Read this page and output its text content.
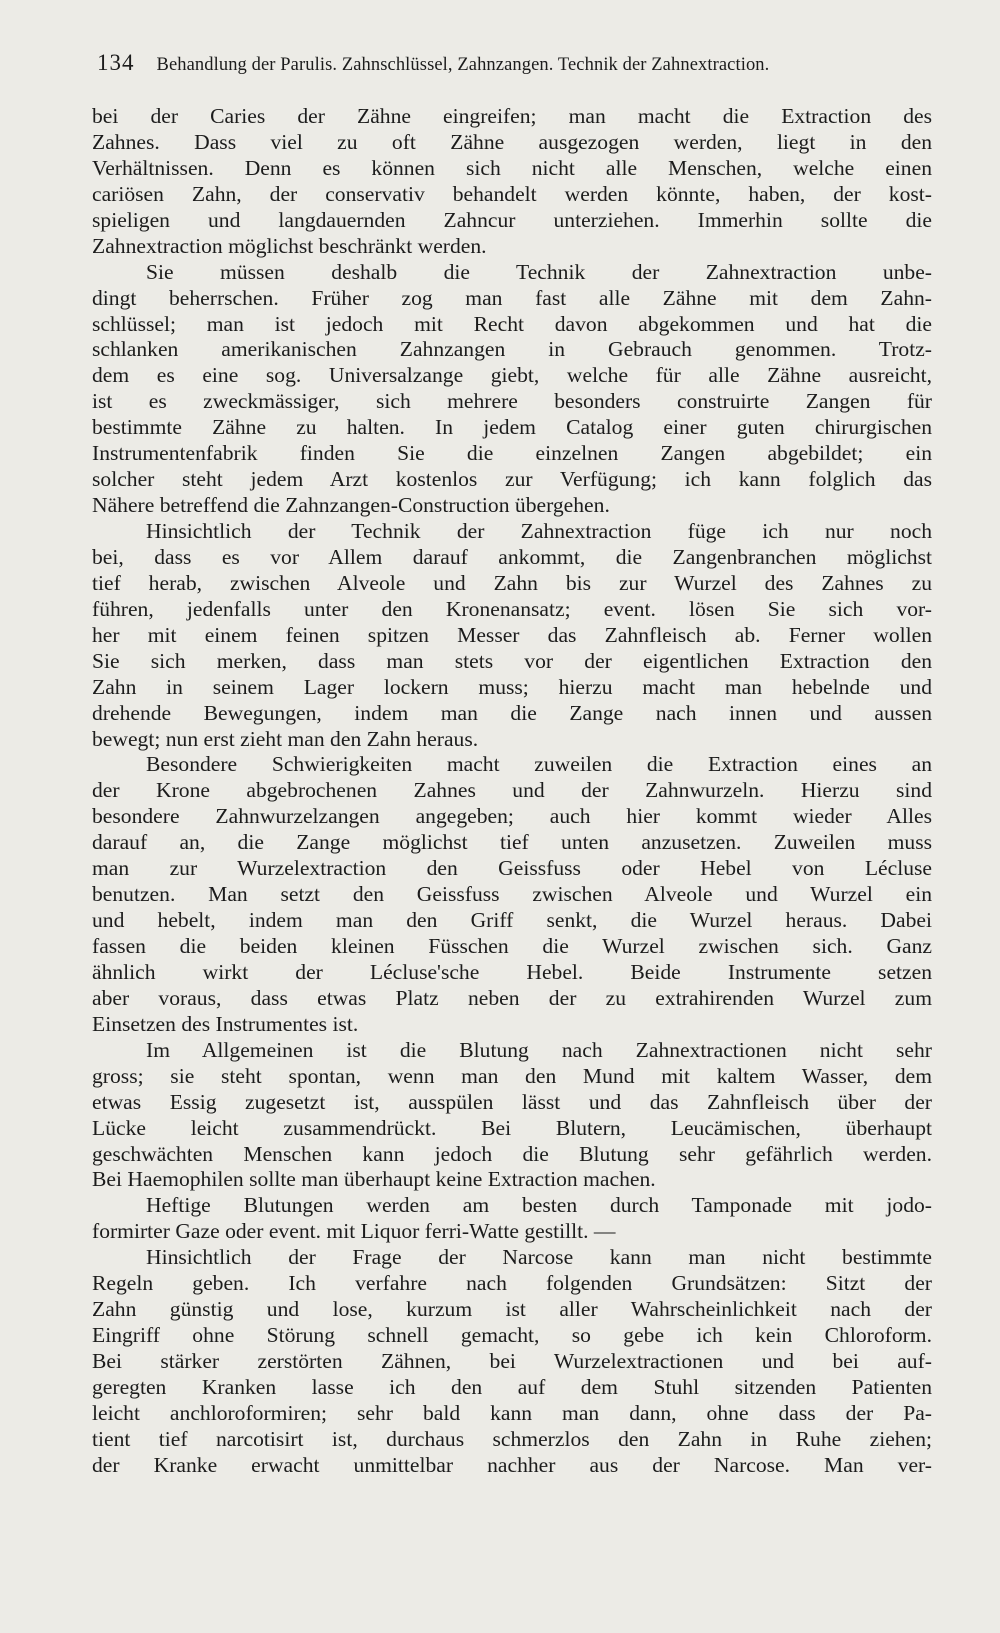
134 Behandlung der Parulis. Zahnschlüssel, Zahnzangen. Technik der Zahnextraction.
bei der Caries der Zähne eingreifen; man macht die Extraction des
Zahnes. Dass viel zu oft Zähne ausgezogen werden, liegt in den
Verhältnissen. Denn es können sich nicht alle Menschen, welche einen
cariösen Zahn, der conservativ behandelt werden könnte, haben, der kost-
spieligen und langdauernden Zahncur unterziehen. Immerhin sollte die
Zahnextraction möglichst beschränkt werden.
Sie müssen deshalb die Technik der Zahnextraction unbe-
dingt beherrschen. Früher zog man fast alle Zähne mit dem Zahn-
schlüssel; man ist jedoch mit Recht davon abgekommen und hat die
schlanken amerikanischen Zahnzangen in Gebrauch genommen. Trotz-
dem es eine sog. Universalzange giebt, welche für alle Zähne ausreicht,
ist es zweckmässiger, sich mehrere besonders construirte Zangen für
bestimmte Zähne zu halten. In jedem Catalog einer guten chirurgischen
Instrumentenfabrik finden Sie die einzelnen Zangen abgebildet; ein
solcher steht jedem Arzt kostenlos zur Verfügung; ich kann folglich das
Nähere betreffend die Zahnzangen-Construction übergehen.
Hinsichtlich der Technik der Zahnextraction füge ich nur noch
bei, dass es vor Allem darauf ankommt, die Zangenbranchen möglichst
tief herab, zwischen Alveole und Zahn bis zur Wurzel des Zahnes zu
führen, jedenfalls unter den Kronenansatz; event. lösen Sie sich vor-
her mit einem feinen spitzen Messer das Zahnfleisch ab. Ferner wollen
Sie sich merken, dass man stets vor der eigentlichen Extraction den
Zahn in seinem Lager lockern muss; hierzu macht man hebelnde und
drehende Bewegungen, indem man die Zange nach innen und aussen
bewegt; nun erst zieht man den Zahn heraus.
Besondere Schwierigkeiten macht zuweilen die Extraction eines an
der Krone abgebrochenen Zahnes und der Zahnwurzeln. Hierzu sind
besondere Zahnwurzelzangen angegeben; auch hier kommt wieder Alles
darauf an, die Zange möglichst tief unten anzusetzen. Zuweilen muss
man zur Wurzelextraction den Geissfuss oder Hebel von Lécluse
benutzen. Man setzt den Geissfuss zwischen Alveole und Wurzel ein
und hebelt, indem man den Griff senkt, die Wurzel heraus. Dabei
fassen die beiden kleinen Füsschen die Wurzel zwischen sich. Ganz
ähnlich wirkt der Lécluse'sche Hebel. Beide Instrumente setzen
aber voraus, dass etwas Platz neben der zu extrahirenden Wurzel zum
Einsetzen des Instrumentes ist.
Im Allgemeinen ist die Blutung nach Zahnextractionen nicht sehr
gross; sie steht spontan, wenn man den Mund mit kaltem Wasser, dem
etwas Essig zugesetzt ist, ausspülen lässt und das Zahnfleisch über der
Lücke leicht zusammendrückt. Bei Blutern, Leucämischen, überhaupt
geschwächten Menschen kann jedoch die Blutung sehr gefährlich werden.
Bei Haemophilen sollte man überhaupt keine Extraction machen.
Heftige Blutungen werden am besten durch Tamponade mit jodo-
formirter Gaze oder event. mit Liquor ferri-Watte gestillt. —
Hinsichtlich der Frage der Narcose kann man nicht bestimmte
Regeln geben. Ich verfahre nach folgenden Grundsätzen: Sitzt der
Zahn günstig und lose, kurzum ist aller Wahrscheinlichkeit nach der
Eingriff ohne Störung schnell gemacht, so gebe ich kein Chloroform.
Bei stärker zerstörten Zähnen, bei Wurzelextractionen und bei auf-
geregten Kranken lasse ich den auf dem Stuhl sitzenden Patienten
leicht anchloroformiren; sehr bald kann man dann, ohne dass der Pa-
tient tief narcotisirt ist, durchaus schmerzlos den Zahn in Ruhe ziehen;
der Kranke erwacht unmittelbar nachher aus der Narcose. Man ver-
